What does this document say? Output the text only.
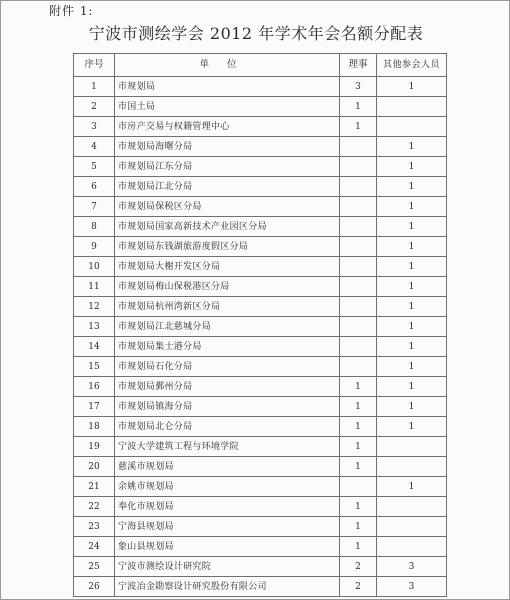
附件 1:
宁波市测绘学会 2012 年学术年会名额分配表
序号	单位	理事	其他参会人员
1	市规划局	3	1
2	市国土局	1	
3	市房产交易与权籍管理中心	1	
4	市规划局海曙分局		1
5	市规划局江东分局		1
6	市规划局江北分局		1
7	市规划局保税区分局		1
8	市规划局国家高新技术产业园区分局		1
9	市规划局东钱湖旅游度假区分局		1
10	市规划局大榭开发区分局		1
11	市规划局梅山保税港区分局		1
12	市规划局杭州湾新区分局		1
13	市规划局江北慈城分局		1
14	市规划局集士港分局		1
15	市规划局石化分局		1
16	市规划局鄞州分局	1	1
17	市规划局镇海分局	1	1
18	市规划局北仑分局	1	1
19	宁波大学建筑工程与环境学院	1	
20	慈溪市规划局	1	
21	余姚市规划局		1
22	奉化市规划局	1	
23	宁海县规划局	1	
24	象山县规划局	1	
25	宁波市测绘设计研究院	2	3
26	宁波冶金勘察设计研究股份有限公司	2	3
